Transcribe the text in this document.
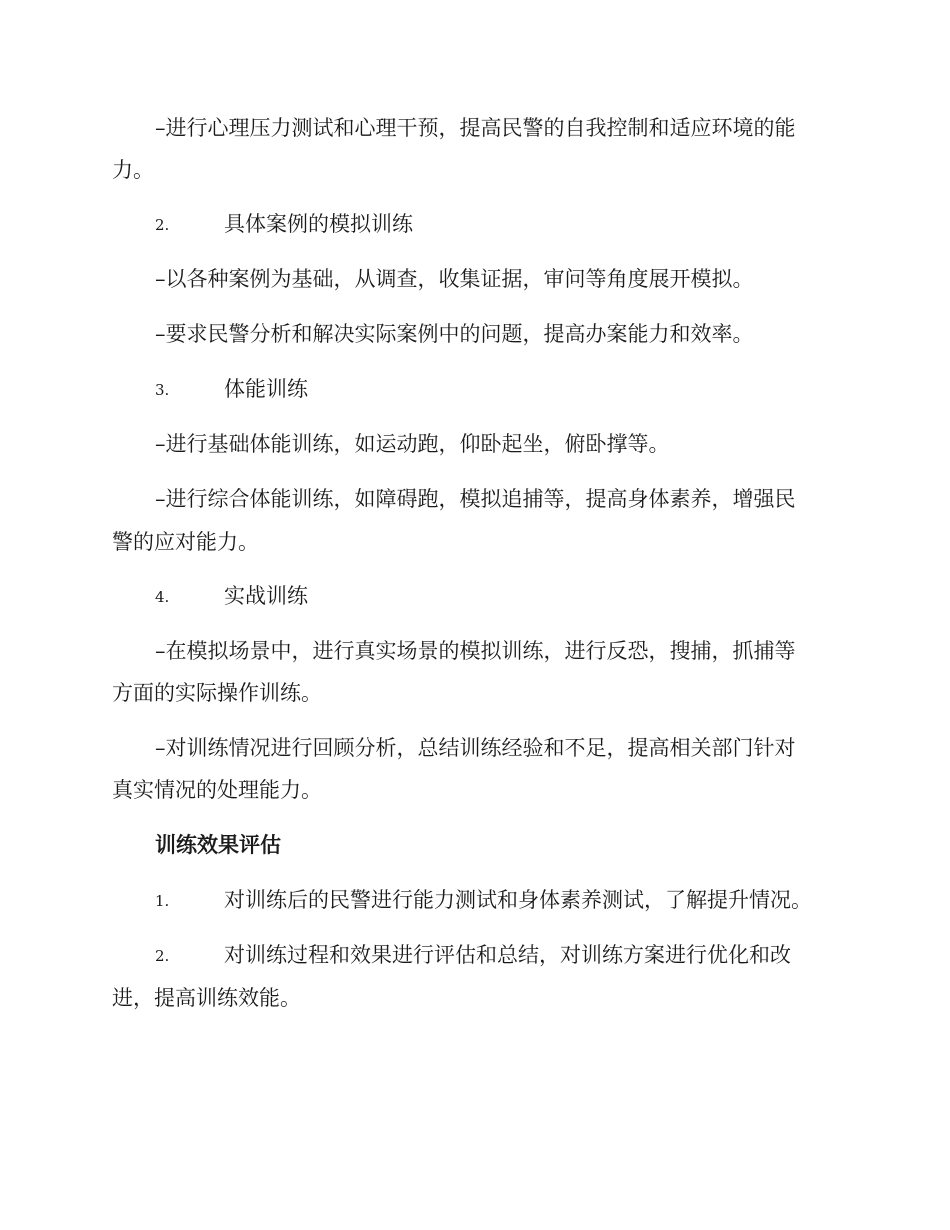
–进行心理压力测试和心理干预，提高民警的自我控制和适应环境的能
力。
2.	具体案例的模拟训练
–以各种案例为基础，从调查，收集证据，审问等角度展开模拟。
–要求民警分析和解决实际案例中的问题，提高办案能力和效率。
3.	体能训练
–进行基础体能训练，如运动跑，仰卧起坐，俯卧撑等。
–进行综合体能训练，如障碍跑，模拟追捕等，提高身体素养，增强民
警的应对能力。
4.	实战训练
–在模拟场景中，进行真实场景的模拟训练，进行反恐，搜捕，抓捕等
方面的实际操作训练。
–对训练情况进行回顾分析，总结训练经验和不足，提高相关部门针对
真实情况的处理能力。
训练效果评估
1.	对训练后的民警进行能力测试和身体素养测试，了解提升情况。
2.	对训练过程和效果进行评估和总结，对训练方案进行优化和改
进，提高训练效能。
